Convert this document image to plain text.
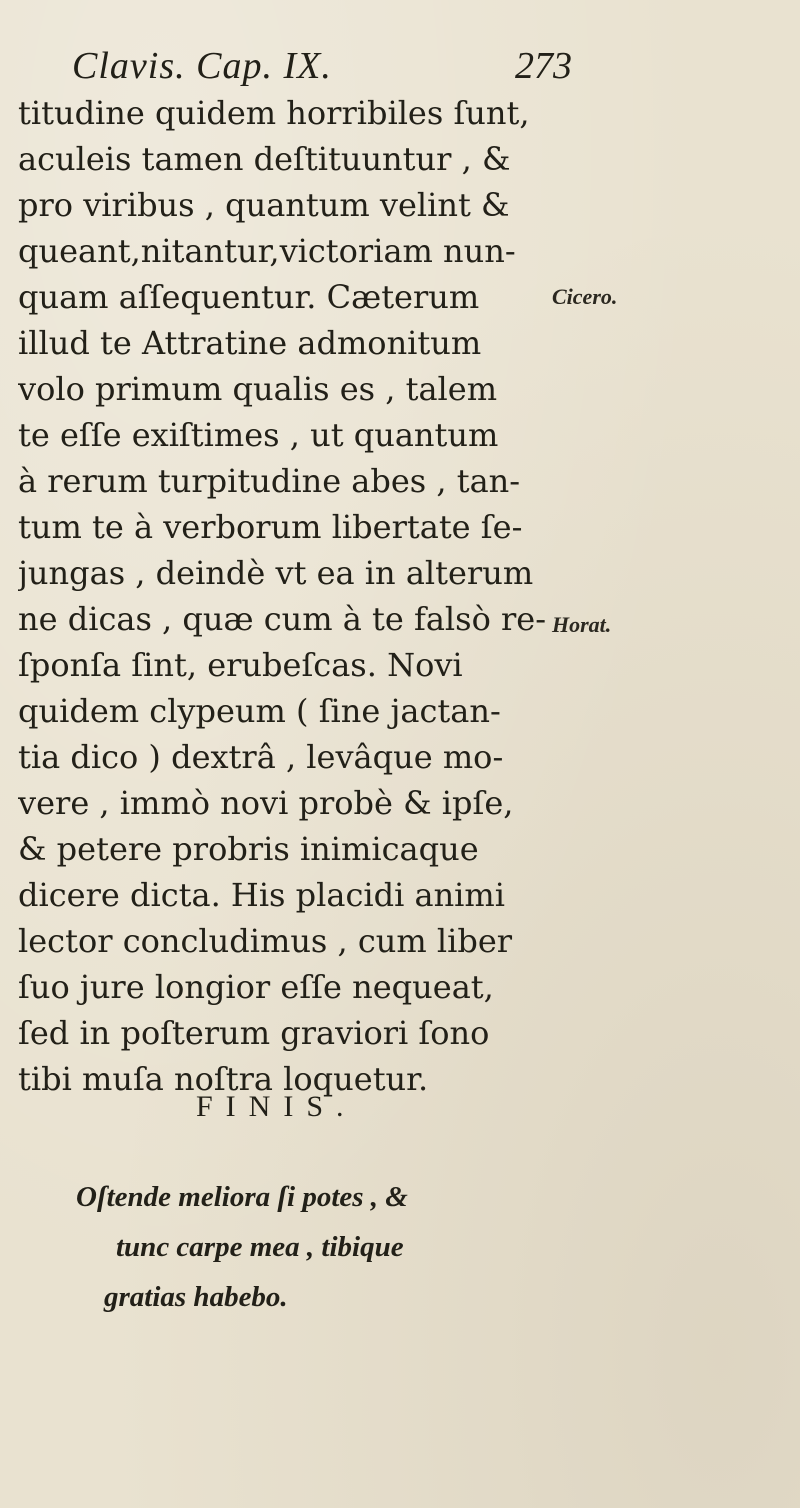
Clavis. Cap. IX.	273
titudine quidem horribiles ſunt,
aculeis tamen deſtituuntur , &
pro viribus , quantum velint &
queant,nitantur,victoriam nun-
quam aſſequentur. Cæterum
illud te Attratine admonitum
volo primum qualis es , talem
te eſſe exiſtimes , ut quantum
à rerum turpitudine abes , tan-
tum te à verborum libertate ſe-
jungas , deindè vt ea in alterum
ne dicas , quæ cum à te falsò re-
ſponſa ſint, erubeſcas. Novi
quidem clypeum ( ſine jactan-
tia dico ) dextrâ , levâque mo-
vere , immò novi probè & ipſe,
& petere probris inimicaque
dicere dicta. His placidi animi
lector concludimus , cum liber
ſuo jure longior eſſe nequeat,
ſed in poſterum graviori ſono
tibi muſa noſtra loquetur.
Cicero.
Horat.
FINIS.
Oſtende meliora ſi potes , &
tunc carpe mea , tibique
gratias habebo.
